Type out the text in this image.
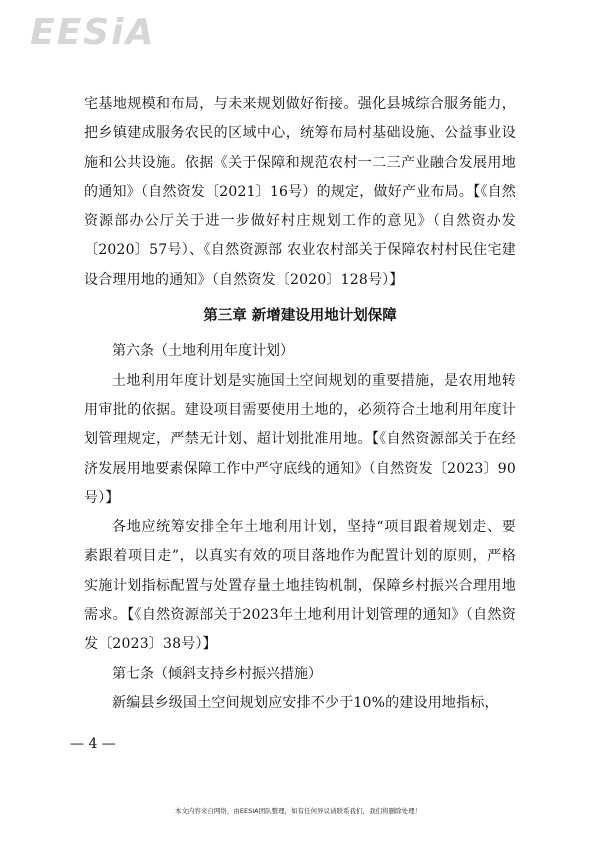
EESiA

宅基地规模和布局，与未来规划做好衔接。强化县城综合服务能力，把乡镇建成服务农民的区域中心，统筹布局村基础设施、公益事业设施和公共设施。依据《关于保障和规范农村一二三产业融合发展用地的通知》（自然资发〔2021〕16号）的规定，做好产业布局。【《自然资源部办公厅关于进一步做好村庄规划工作的意见》（自然资办发〔2020〕57号）、《自然资源部 农业农村部关于保障农村村民住宅建设合理用地的通知》（自然资发〔2020〕128号）】

第三章 新增建设用地计划保障

第六条（土地利用年度计划）

土地利用年度计划是实施国土空间规划的重要措施，是农用地转用审批的依据。建设项目需要使用土地的，必须符合土地利用年度计划管理规定，严禁无计划、超计划批准用地。【《自然资源部关于在经济发展用地要素保障工作中严守底线的通知》（自然资发〔2023〕90号）】

各地应统筹安排全年土地利用计划，坚持“项目跟着规划走、要素跟着项目走”，以真实有效的项目落地作为配置计划的原则，严格实施计划指标配置与处置存量土地挂钩机制，保障乡村振兴合理用地需求。【《自然资源部关于2023年土地利用计划管理的通知》（自然资发〔2023〕38号）】

第七条（倾斜支持乡村振兴措施）

新编县乡级国土空间规划应安排不少于10%的建设用地指标，

— 4 —
本文内容来自网络，由EESIA团队整理，如有任何异议请联系我们，我们将删除处理！
